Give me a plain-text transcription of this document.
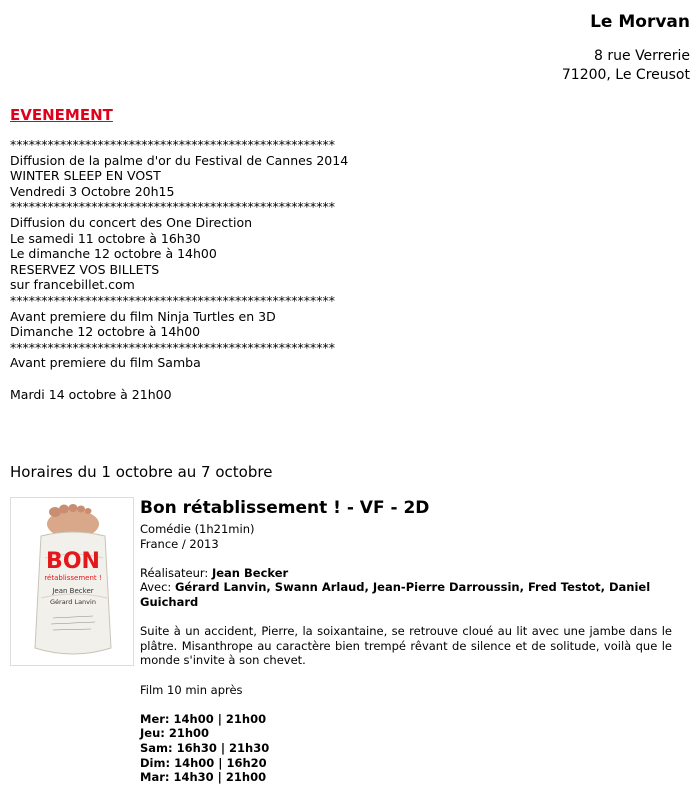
Le Morvan
8 rue Verrerie
71200, Le Creusot
EVENEMENT
****************************************************
Diffusion de la palme d'or du Festival de Cannes 2014
WINTER SLEEP EN VOST
Vendredi 3 Octobre 20h15
****************************************************
Diffusion du concert des One Direction
Le samedi 11 octobre à 16h30
Le dimanche 12 octobre à 14h00
RESERVEZ VOS BILLETS
sur francebillet.com
****************************************************
Avant premiere du film Ninja Turtles en 3D
Dimanche 12 octobre à 14h00
****************************************************
Avant premiere du film Samba
Mardi 14 octobre à 21h00
Horaires du 1 octobre au 7 octobre
BON
rétablissement !
Jean Becker
Gérard Lanvin
Bon rétablissement ! - VF - 2D
Comédie (1h21min)
France / 2013
Réalisateur: Jean Becker
Avec: Gérard Lanvin, Swann Arlaud, Jean-Pierre Darroussin, Fred Testot, Daniel Guichard
Suite à un accident, Pierre, la soixantaine, se retrouve cloué au lit avec une jambe dans le plâtre. Misanthrope au caractère bien trempé rêvant de silence et de solitude, voilà que le monde s'invite à son chevet.
Film 10 min après
Mer: 14h00 | 21h00
Jeu: 21h00
Sam: 16h30 | 21h30
Dim: 14h00 | 16h20
Mar: 14h30 | 21h00
